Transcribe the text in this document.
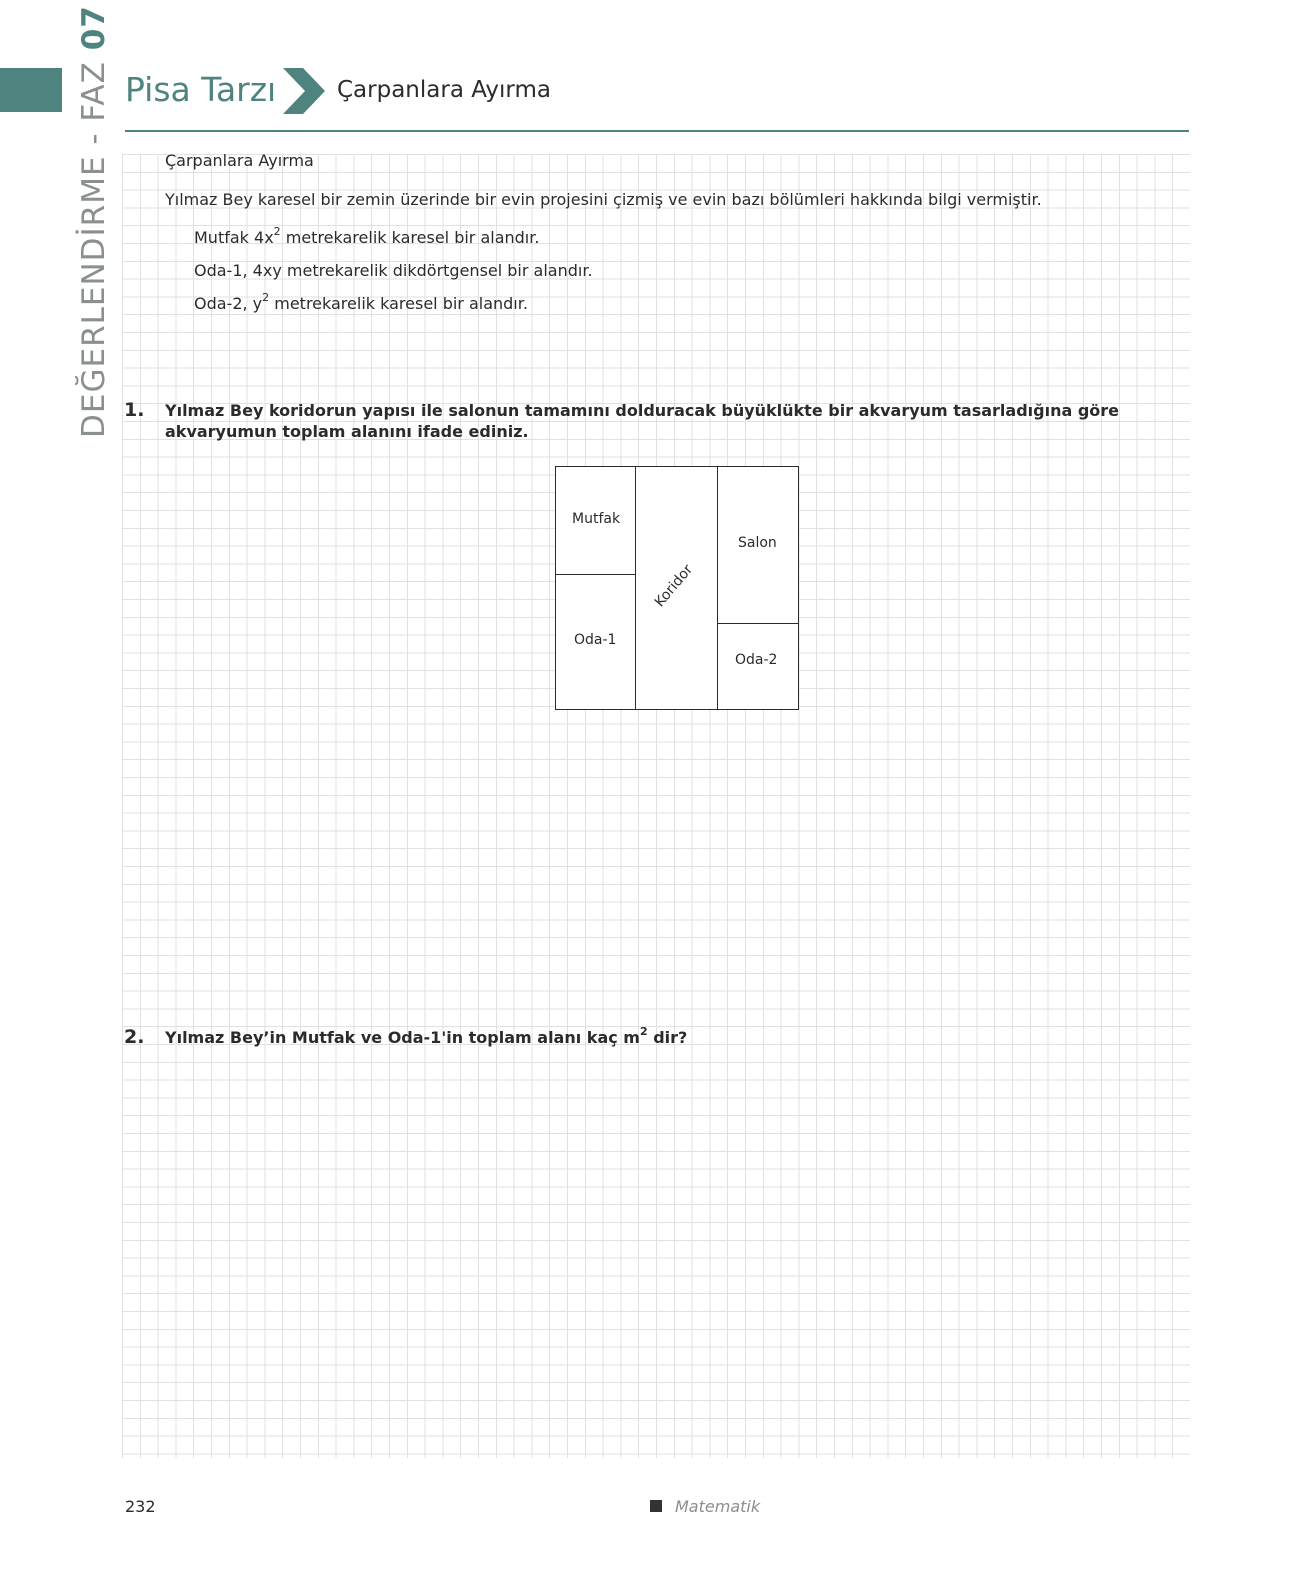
DEĞERLENDİRME - FAZ 07
Pisa Tarzı	Çarpanlara Ayırma
Çarpanlara Ayırma
Yılmaz Bey karesel bir zemin üzerinde bir evin projesini çizmiş ve evin bazı bölümleri hakkında bilgi vermiştir.
Mutfak $4x^2$ metrekarelik karesel bir alandır.
Oda-1, 4xy metrekarelik dikdörtgensel bir alandır.
Oda-2, $y^2$ metrekarelik karesel bir alandır.
1. Yılmaz Bey koridorun yapısı ile salonun tamamını dolduracak büyüklükte bir akvaryum tasarladığına göre akvaryumun toplam alanını ifade ediniz.
Mutfak
Oda-1
Koridor
Salon
Oda-2
2. Yılmaz Bey’in Mutfak ve Oda-1'in toplam alanı kaç $m^2$ dir?
232	Matematik
